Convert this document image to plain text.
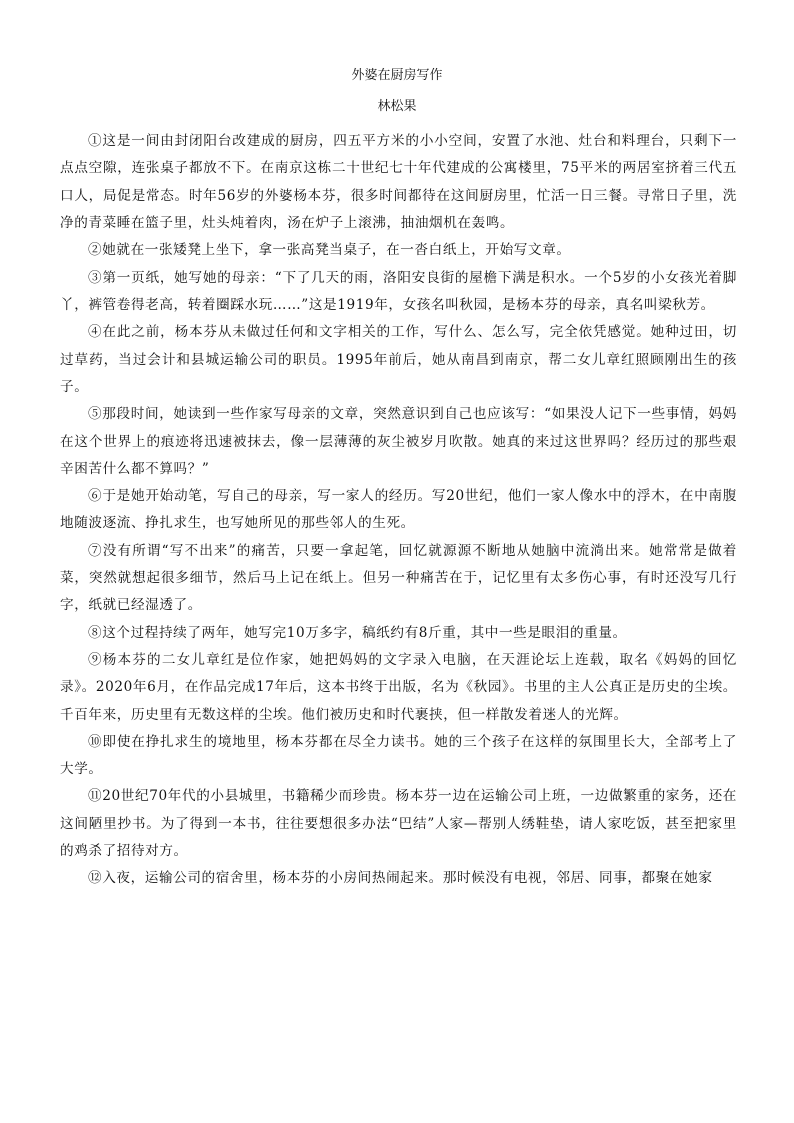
外婆在厨房写作
林松果

①这是一间由封闭阳台改建成的厨房，四五平方米的小小空间，安置了水池、灶台和料理台，只剩下一点点空隙，连张桌子都放不下。在南京这栋二十世纪七十年代建成的公寓楼里，75平米的两居室挤着三代五口人，局促是常态。时年56岁的外婆杨本芬，很多时间都待在这间厨房里，忙活一日三餐。寻常日子里，洗净的青菜睡在篮子里，灶头炖着肉，汤在炉子上滚沸，抽油烟机在轰鸣。

②她就在一张矮凳上坐下，拿一张高凳当桌子，在一沓白纸上，开始写文章。

③第一页纸，她写她的母亲：“下了几天的雨，洛阳安良街的屋檐下满是积水。一个5岁的小女孩光着脚丫，裤管卷得老高，转着圈踩水玩……”这是1919年，女孩名叫秋园，是杨本芬的母亲，真名叫梁秋芳。

④在此之前，杨本芬从未做过任何和文字相关的工作，写什么、怎么写，完全依凭感觉。她种过田，切过草药，当过会计和县城运输公司的职员。1995年前后，她从南昌到南京，帮二女儿章红照顾刚出生的孩子。

⑤那段时间，她读到一些作家写母亲的文章，突然意识到自己也应该写：“如果没人记下一些事情，妈妈在这个世界上的痕迹将迅速被抹去，像一层薄薄的灰尘被岁月吹散。她真的来过这世界吗？经历过的那些艰辛困苦什么都不算吗？”

⑥于是她开始动笔，写自己的母亲，写一家人的经历。写20世纪，他们一家人像水中的浮木，在中南腹地随波逐流、挣扎求生，也写她所见的那些邻人的生死。

⑦没有所谓“写不出来”的痛苦，只要一拿起笔，回忆就源源不断地从她脑中流淌出来。她常常是做着菜，突然就想起很多细节，然后马上记在纸上。但另一种痛苦在于，记忆里有太多伤心事，有时还没写几行字，纸就已经湿透了。

⑧这个过程持续了两年，她写完10万多字，稿纸约有8斤重，其中一些是眼泪的重量。

⑨杨本芬的二女儿章红是位作家，她把妈妈的文字录入电脑，在天涯论坛上连载，取名《妈妈的回忆录》。2020年6月，在作品完成17年后，这本书终于出版，名为《秋园》。书里的主人公真正是历史的尘埃。千百年来，历史里有无数这样的尘埃。他们被历史和时代裹挟，但一样散发着迷人的光辉。

⑩即使在挣扎求生的境地里，杨本芬都在尽全力读书。她的三个孩子在这样的氛围里长大，全部考上了大学。

⑪20世纪70年代的小县城里，书籍稀少而珍贵。杨本芬一边在运输公司上班，一边做繁重的家务，还在这间陋里抄书。为了得到一本书，往往要想很多办法“巴结”人家—帮别人绣鞋垫，请人家吃饭，甚至把家里的鸡杀了招待对方。

⑫入夜，运输公司的宿舍里，杨本芬的小房间热闹起来。那时候没有电视，邻居、同事，都聚在她家
